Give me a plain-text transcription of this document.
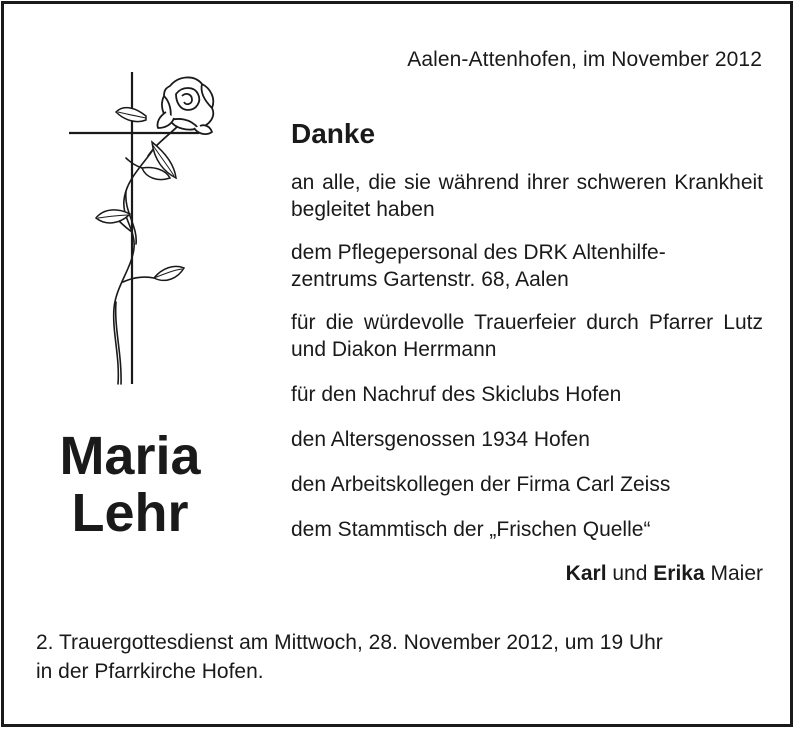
Aalen-Attenhofen, im November 2012
Maria
Lehr
Danke

an alle, die sie während ihrer schweren Krankheit begleitet haben

dem Pflegepersonal des DRK Altenhilfe-
zentrums Gartenstr. 68, Aalen

für die würdevolle Trauerfeier durch Pfarrer Lutz und Diakon Herrmann

für den Nachruf des Skiclubs Hofen

den Altersgenossen 1934 Hofen

den Arbeitskollegen der Firma Carl Zeiss

dem Stammtisch der „Frischen Quelle“

Karl und Erika Maier
2. Trauergottesdienst am Mittwoch, 28. November 2012, um 19 Uhr
in der Pfarrkirche Hofen.
